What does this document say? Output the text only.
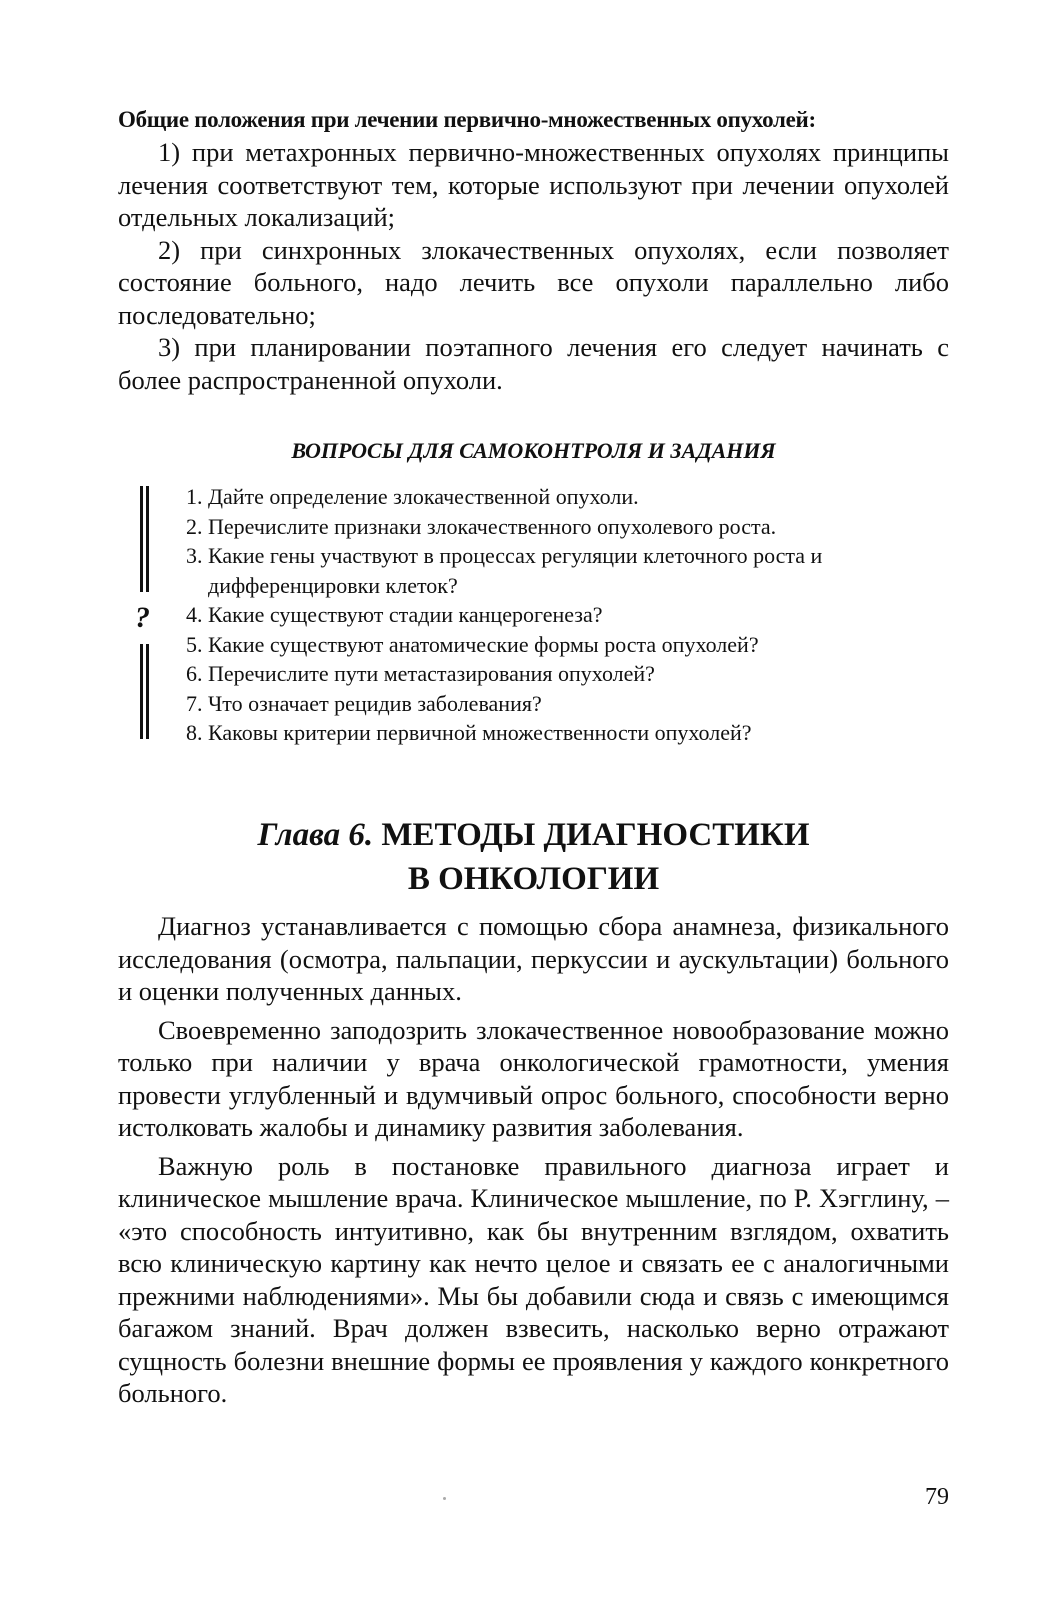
Общие положения при лечении первично-множественных опухолей:

1) при метахронных первично-множественных опухолях принципы лечения соответствуют тем, которые используют при лечении опухолей отдельных локализаций;

2) при синхронных злокачественных опухолях, если позволяет состояние больного, надо лечить все опухоли параллельно либо последовательно;

3) при планировании поэтапного лечения его следует начинать с более распространенной опухоли.

ВОПРОСЫ ДЛЯ САМОКОНТРОЛЯ И ЗАДАНИЯ

?
1. Дайте определение злокачественной опухоли.
2. Перечислите признаки злокачественного опухолевого роста.
3. Какие гены участвуют в процессах регуляции клеточного роста и дифференцировки клеток?
4. Какие существуют стадии канцерогенеза?
5. Какие существуют анатомические формы роста опухолей?
6. Перечислите пути метастазирования опухолей?
7. Что означает рецидив заболевания?
8. Каковы критерии первичной множественности опухолей?
Глава 6. МЕТОДЫ ДИАГНОСТИКИ
В ОНКОЛОГИИ

Диагноз устанавливается с помощью сбора анамнеза, физикального исследования (осмотра, пальпации, перкуссии и аускультации) больного и оценки полученных данных.

Своевременно заподозрить злокачественное новообразование можно только при наличии у врача онкологической грамотности, умения провести углубленный и вдумчивый опрос больного, способности верно истолковать жалобы и динамику развития заболевания.

Важную роль в постановке правильного диагноза играет и клиническое мышление врача. Клиническое мышление, по Р. Хэгглину, – «это способность интуитивно, как бы внутренним взглядом, охватить всю клиническую картину как нечто целое и связать ее с аналогичными прежними наблюдениями». Мы бы добавили сюда и связь с имеющимся багажом знаний. Врач должен взвесить, насколько верно отражают сущность болезни внешние формы ее проявления у каждого конкретного больного.

79
